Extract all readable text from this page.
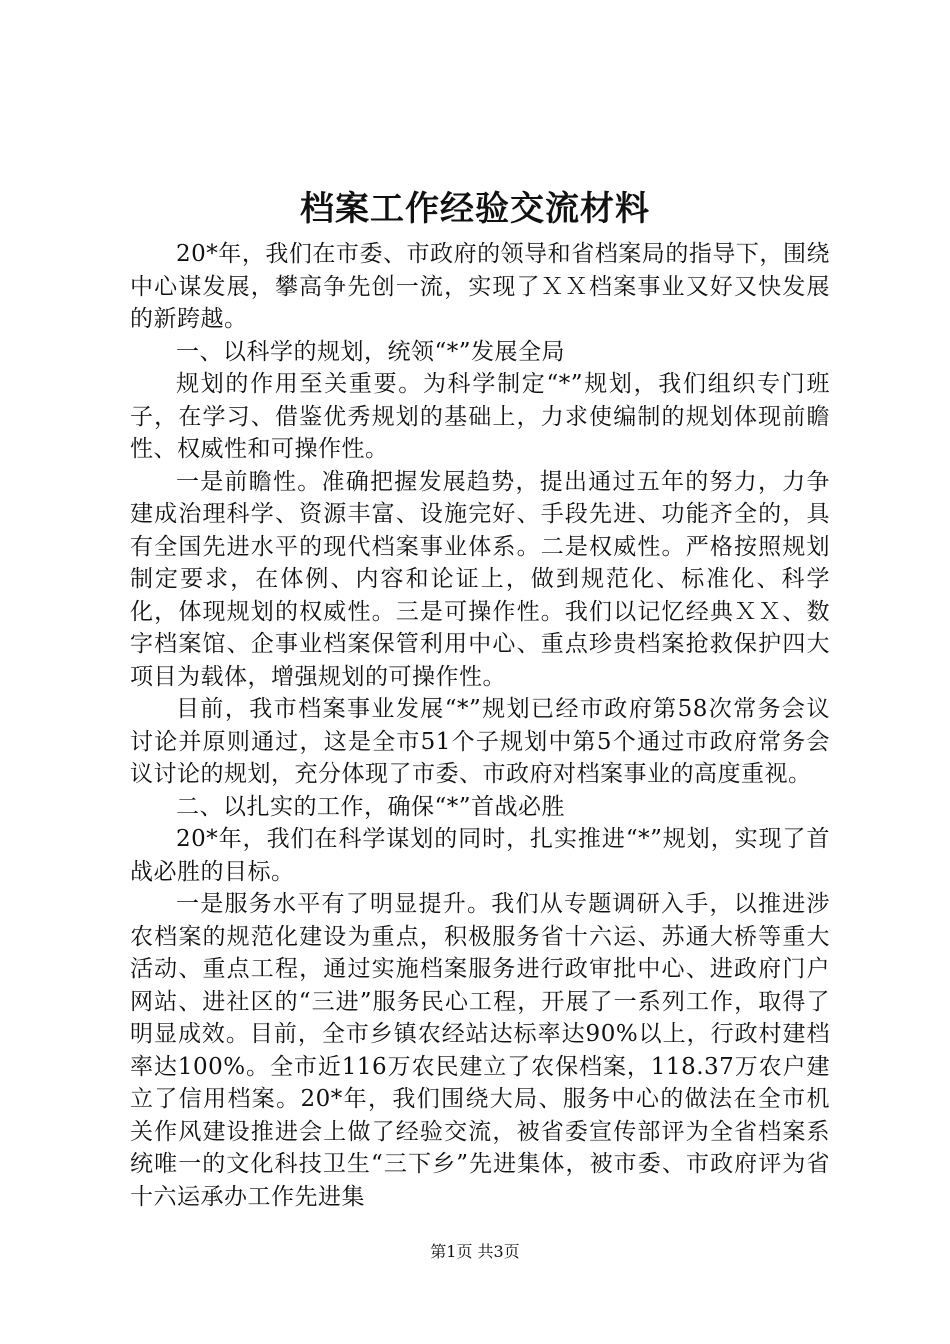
档案工作经验交流材料

20*年，我们在市委、市政府的领导和省档案局的指导下，围绕中心谋发展，攀高争先创一流，实现了ＸＸ档案事业又好又快发展的新跨越。

一、以科学的规划，统领“*”发展全局

规划的作用至关重要。为科学制定“*”规划，我们组织专门班子，在学习、借鉴优秀规划的基础上，力求使编制的规划体现前瞻性、权威性和可操作性。

一是前瞻性。准确把握发展趋势，提出通过五年的努力，力争建成治理科学、资源丰富、设施完好、手段先进、功能齐全的，具有全国先进水平的现代档案事业体系。二是权威性。严格按照规划制定要求，在体例、内容和论证上，做到规范化、标准化、科学化，体现规划的权威性。三是可操作性。我们以记忆经典ＸＸ、数字档案馆、企事业档案保管利用中心、重点珍贵档案抢救保护四大项目为载体，增强规划的可操作性。

目前，我市档案事业发展“*”规划已经市政府第58次常务会议讨论并原则通过，这是全市51个子规划中第5个通过市政府常务会议讨论的规划，充分体现了市委、市政府对档案事业的高度重视。

二、以扎实的工作，确保“*”首战必胜

20*年，我们在科学谋划的同时，扎实推进“*”规划，实现了首战必胜的目标。

一是服务水平有了明显提升。我们从专题调研入手，以推进涉农档案的规范化建设为重点，积极服务省十六运、苏通大桥等重大活动、重点工程，通过实施档案服务进行政审批中心、进政府门户网站、进社区的“三进”服务民心工程，开展了一系列工作，取得了明显成效。目前，全市乡镇农经站达标率达90%以上，行政村建档率达100%。全市近116万农民建立了农保档案，118.37万农户建立了信用档案。20*年，我们围绕大局、服务中心的做法在全市机关作风建设推进会上做了经验交流，被省委宣传部评为全省档案系统唯一的文化科技卫生“三下乡”先进集体，被市委、市政府评为省十六运承办工作先进集

第1页 共3页
